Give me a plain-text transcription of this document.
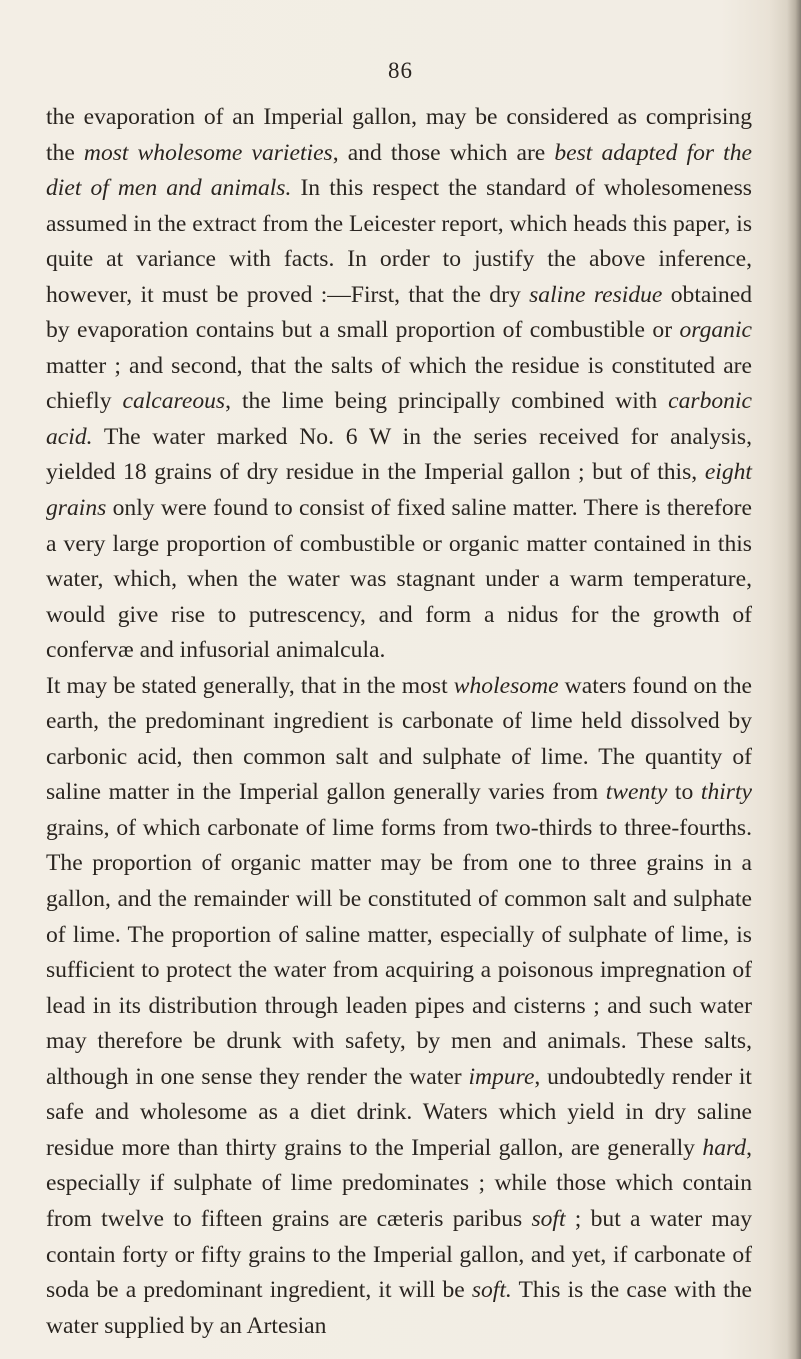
86

the evaporation of an Imperial gallon, may be considered as comprising the most wholesome varieties, and those which are best adapted for the diet of men and animals. In this respect the standard of wholesomeness assumed in the extract from the Leicester report, which heads this paper, is quite at variance with facts. In order to justify the above inference, however, it must be proved :—First, that the dry saline residue obtained by evaporation contains but a small proportion of combustible or organic matter ; and second, that the salts of which the residue is constituted are chiefly calcareous, the lime being principally combined with carbonic acid. The water marked No. 6 W in the series received for analysis, yielded 18 grains of dry residue in the Imperial gallon ; but of this, eight grains only were found to consist of fixed saline matter. There is therefore a very large proportion of combustible or organic matter contained in this water, which, when the water was stagnant under a warm temperature, would give rise to putrescency, and form a nidus for the growth of confervæ and infusorial animalcula.

It may be stated generally, that in the most wholesome waters found on the earth, the predominant ingredient is carbonate of lime held dissolved by carbonic acid, then common salt and sulphate of lime. The quantity of saline matter in the Imperial gallon generally varies from twenty to thirty grains, of which carbonate of lime forms from two-thirds to three-fourths. The proportion of organic matter may be from one to three grains in a gallon, and the remainder will be constituted of common salt and sulphate of lime. The proportion of saline matter, especially of sulphate of lime, is sufficient to protect the water from acquiring a poisonous impregnation of lead in its distribution through leaden pipes and cisterns ; and such water may therefore be drunk with safety, by men and animals. These salts, although in one sense they render the water impure, undoubtedly render it safe and wholesome as a diet drink. Waters which yield in dry saline residue more than thirty grains to the Imperial gallon, are generally hard, especially if sulphate of lime predominates ; while those which contain from twelve to fifteen grains are cæteris paribus soft ; but a water may contain forty or fifty grains to the Imperial gallon, and yet, if carbonate of soda be a predominant ingredient, it will be soft. This is the case with the water supplied by an Artesian
